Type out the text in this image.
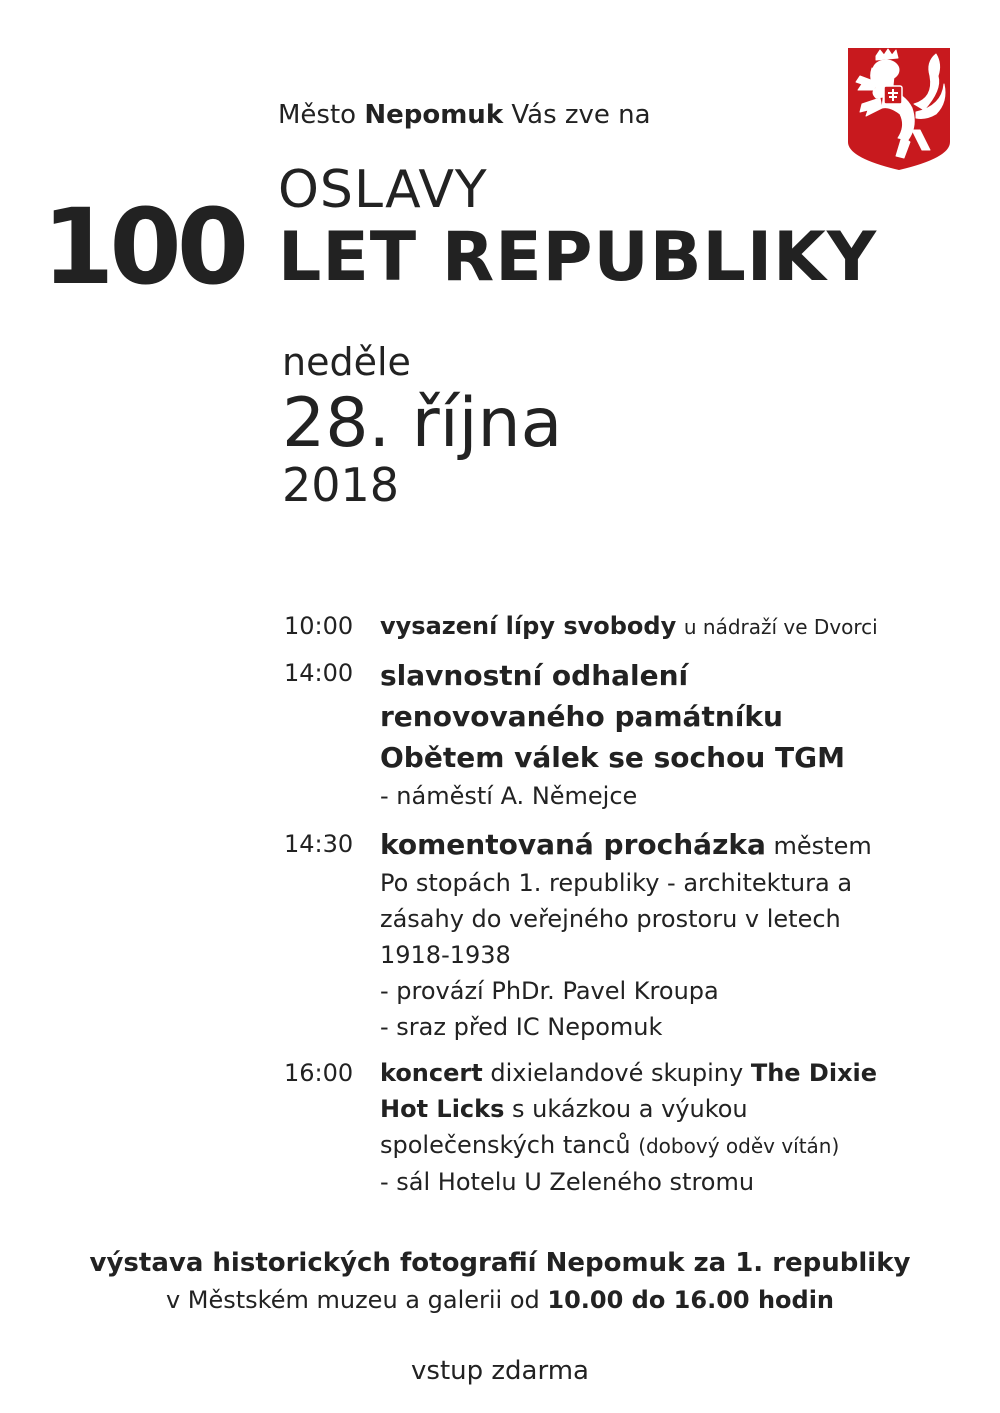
Město Nepomuk Vás zve na
OSLAVY
100 LET REPUBLIKY
neděle
28. října
2018
10:00	vysazení lípy svobody u nádraží ve Dvorci
14:00 slavnostní odhalení
renovovaného památníku
Obětem válek se sochou TGM
- náměstí A. Němejce
14:30 komentovaná procházka městem
Po stopách 1. republiky - architektura a
zásahy do veřejného prostoru v letech
1918-1938
- provází PhDr. Pavel Kroupa
- sraz před IC Nepomuk
16:00	koncert dixielandové skupiny The Dixie
Hot Licks s ukázkou a výukou
společenských tanců (dobový oděv vítán)
- sál Hotelu U Zeleného stromu
výstava historických fotografií Nepomuk za 1. republiky
v Městském muzeu a galerii od 10.00 do 16.00 hodin
vstup zdarma
